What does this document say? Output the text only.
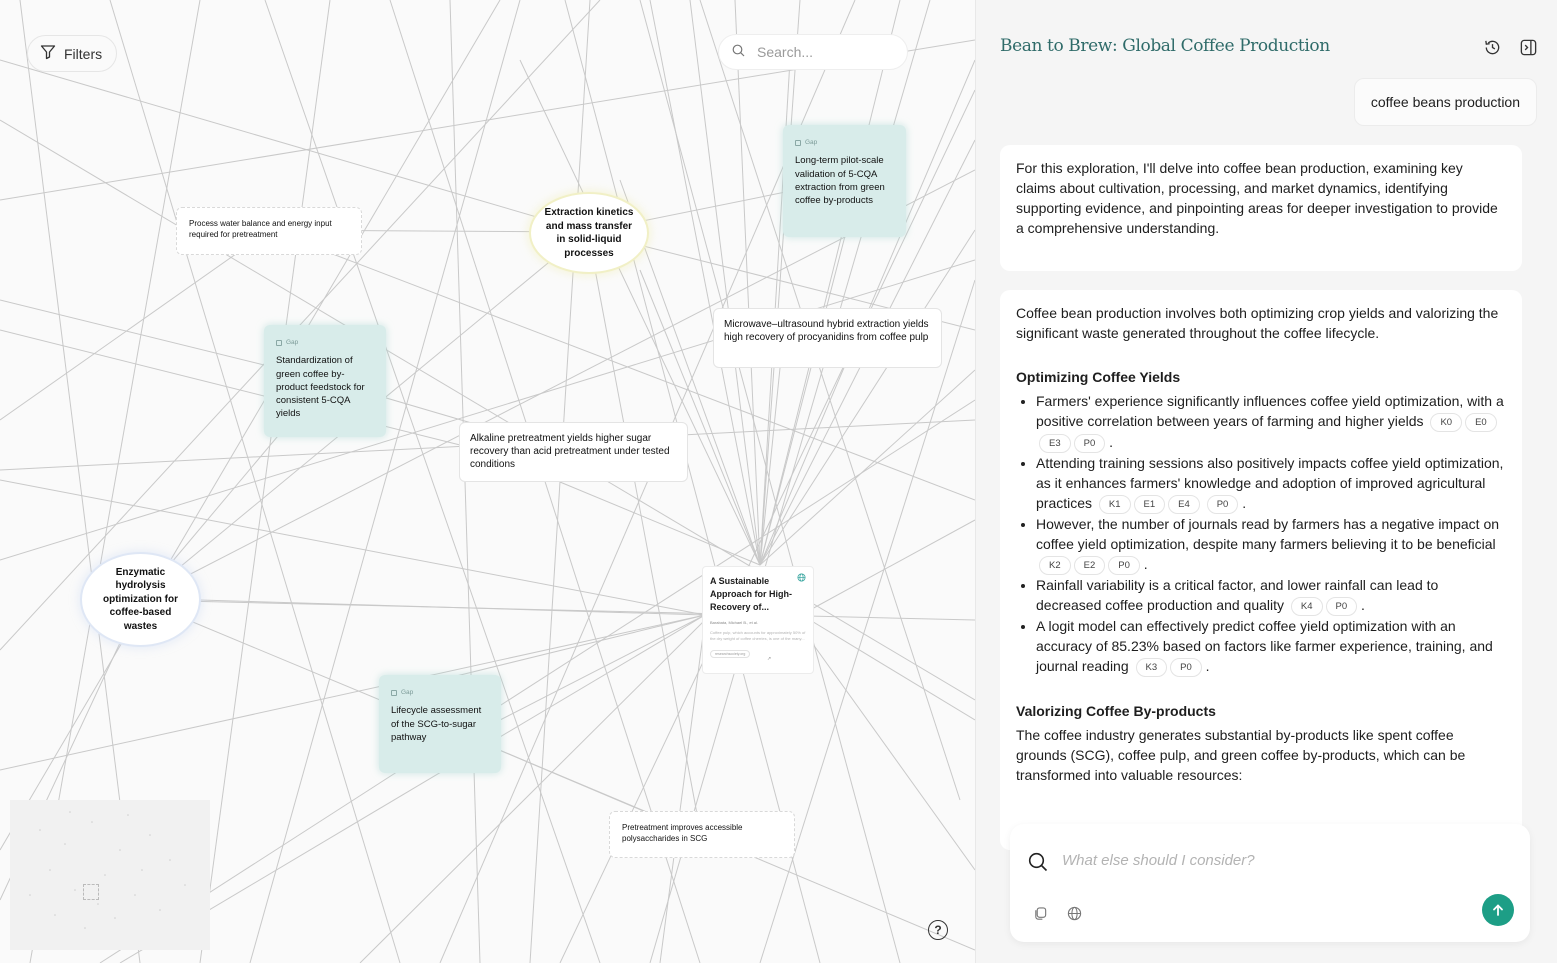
Filters	Search...
Gap
Long-term pilot-scale validation of 5-CQA extraction from green coffee by-products
Process water balance and energy input required for pretreatment
Extraction kinetics and mass transfer in solid-liquid processes
Microwave–ultrasound hybrid extraction yields high recovery of procyanidins from coffee pulp
Gap
Standardization of green coffee by-product feedstock for consistent 5-CQA yields
Alkaline pretreatment yields higher sugar recovery than acid pretreatment under tested conditions
Enzymatic hydrolysis optimization for coffee-based wastes
A Sustainable Approach for High-Recovery of...
Barabata, Michael B., et al.
Coffee pulp, which accounts for approximately 50% of the dry weight of coffee cherries, is one of the many...
researchsociety.org
↗
Gap
Lifecycle assessment of the SCG-to-sugar pathway
Pretreatment improves accessible polysaccharides in SCG
?
Bean to Brew: Global Coffee Production
coffee beans production

For this exploration, I'll delve into coffee bean production, examining key claims about cultivation, processing, and market dynamics, identifying supporting evidence, and pinpointing areas for deeper investigation to provide a comprehensive understanding.

Coffee bean production involves both optimizing crop yields and valorizing the significant waste generated throughout the coffee lifecycle.

Optimizing Coffee Yields
Farmers' experience significantly influences coffee yield optimization, with a positive correlation between years of farming and higher yields K0 E0E3 P0 .
Attending training sessions also positively impacts coffee yield optimization, as it enhances farmers' knowledge and adoption of improved agricultural practices K1 E1 E4	P0 .
However, the number of journals read by farmers has a negative impact on coffee yield optimization, despite many farmers believing it to be beneficial K2 E2 P0 .
Rainfall variability is a critical factor, and lower rainfall can lead to decreased coffee production and quality K4 P0 .
A logit model can effectively predict coffee yield optimization with an accuracy of 85.23% based on factors like farmer experience, training, and journal reading K3 P0 .
Valorizing Coffee By-products

The coffee industry generates substantial by-products like spent coffee grounds (SCG), coffee pulp, and green coffee by-products, which can be transformed into valuable resources:

What else should I consider?
